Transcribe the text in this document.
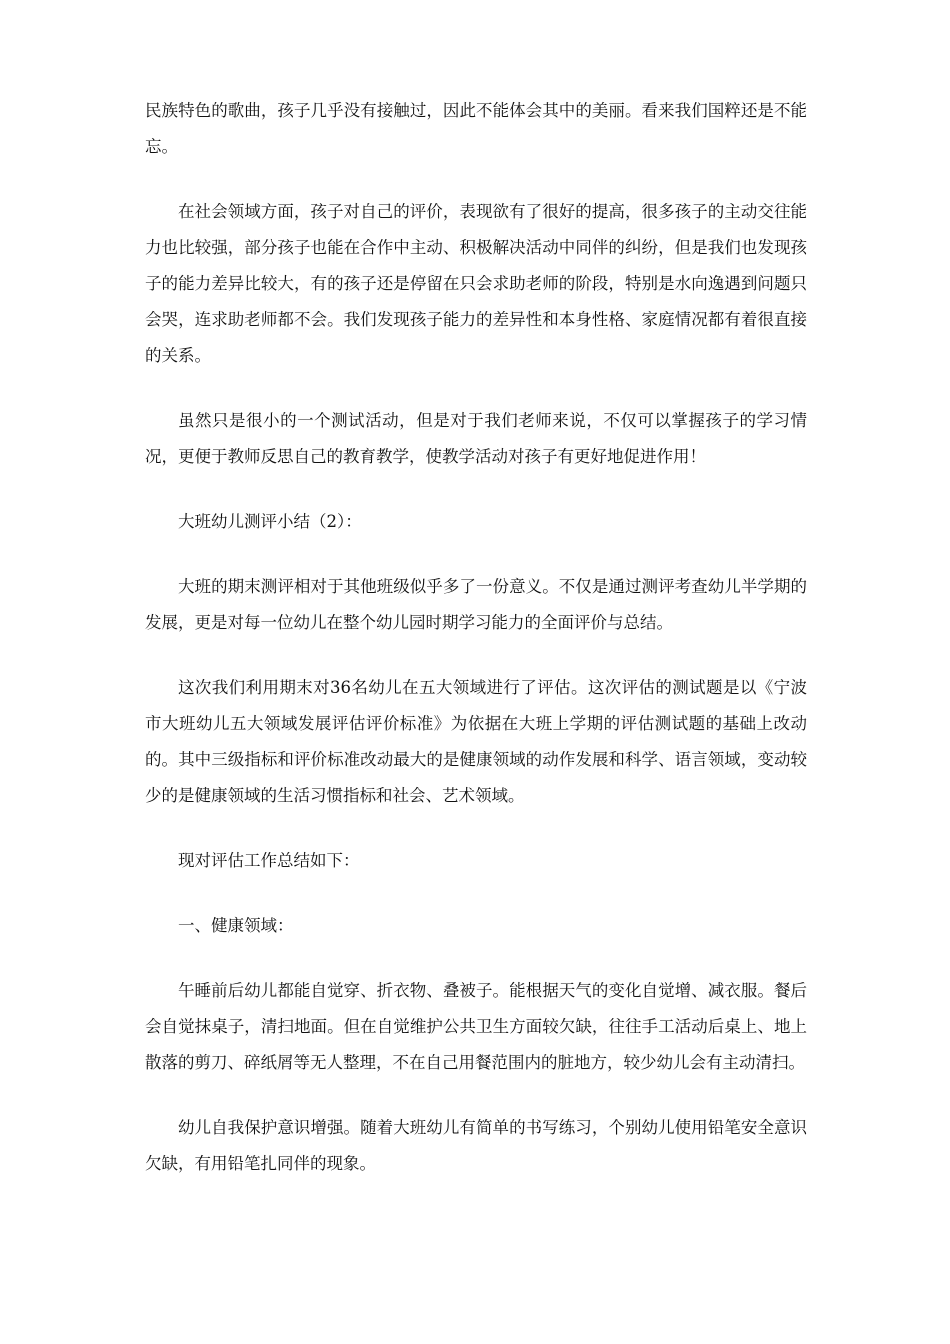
民族特色的歌曲，孩子几乎没有接触过，因此不能体会其中的美丽。看来我们国粹还是不能忘。

在社会领域方面，孩子对自己的评价，表现欲有了很好的提高，很多孩子的主动交往能力也比较强，部分孩子也能在合作中主动、积极解决活动中同伴的纠纷，但是我们也发现孩子的能力差异比较大，有的孩子还是停留在只会求助老师的阶段，特别是水向逸遇到问题只会哭，连求助老师都不会。我们发现孩子能力的差异性和本身性格、家庭情况都有着很直接的关系。

虽然只是很小的一个测试活动，但是对于我们老师来说，不仅可以掌握孩子的学习情况，更便于教师反思自己的教育教学，使教学活动对孩子有更好地促进作用！

大班幼儿测评小结（2）：

大班的期末测评相对于其他班级似乎多了一份意义。不仅是通过测评考查幼儿半学期的发展，更是对每一位幼儿在整个幼儿园时期学习能力的全面评价与总结。

这次我们利用期末对36名幼儿在五大领域进行了评估。这次评估的测试题是以《宁波市大班幼儿五大领域发展评估评价标准》为依据在大班上学期的评估测试题的基础上改动的。其中三级指标和评价标准改动最大的是健康领域的动作发展和科学、语言领域，变动较少的是健康领域的生活习惯指标和社会、艺术领域。

现对评估工作总结如下：

一、健康领域：

午睡前后幼儿都能自觉穿、折衣物、叠被子。能根据天气的变化自觉增、减衣服。餐后会自觉抹桌子，清扫地面。但在自觉维护公共卫生方面较欠缺，往往手工活动后桌上、地上散落的剪刀、碎纸屑等无人整理，不在自己用餐范围内的脏地方，较少幼儿会有主动清扫。

幼儿自我保护意识增强。随着大班幼儿有简单的书写练习，个别幼儿使用铅笔安全意识欠缺，有用铅笔扎同伴的现象。
